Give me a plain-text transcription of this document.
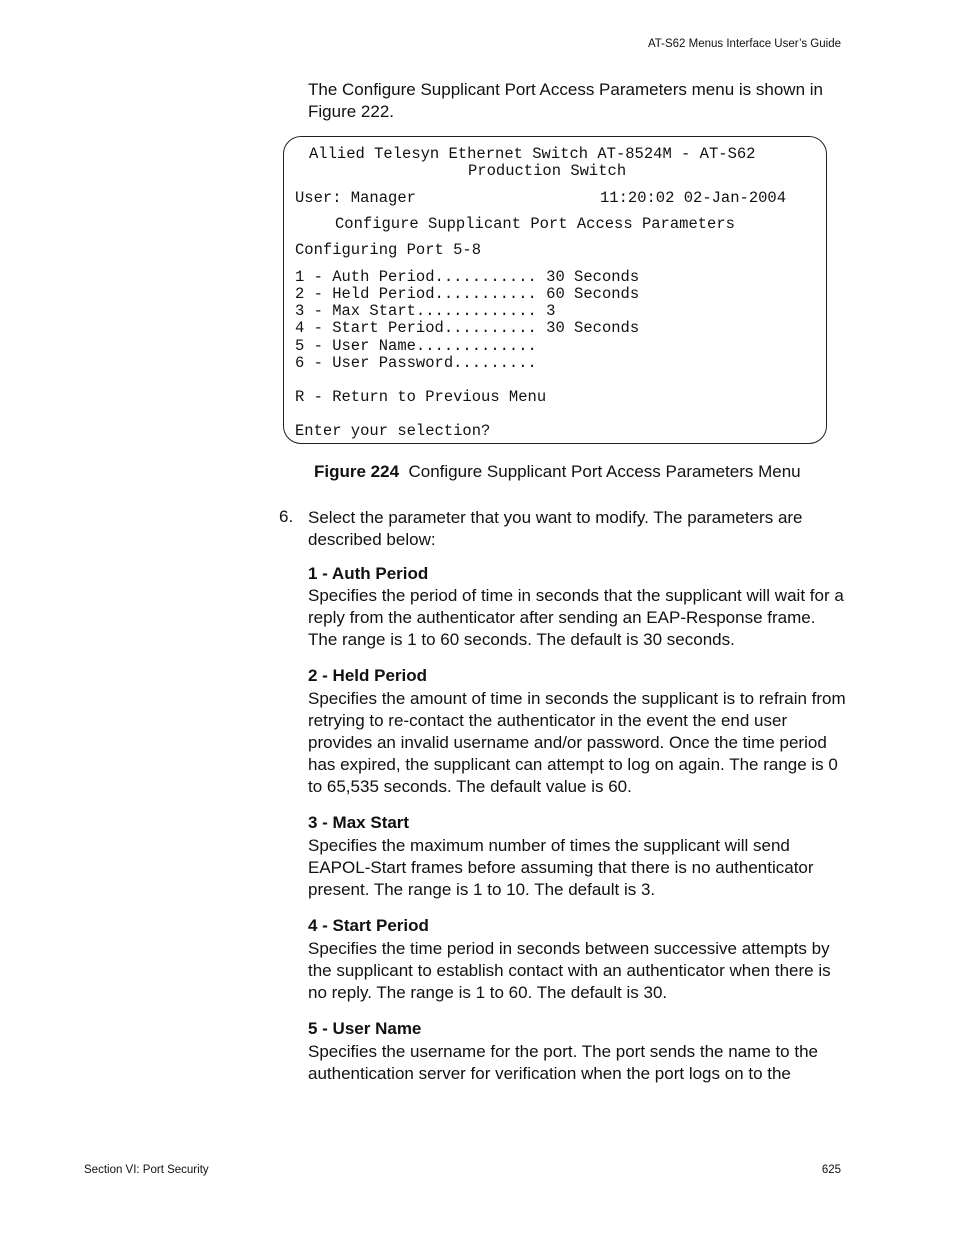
AT-S62 Menus Interface User’s Guide
The Configure Supplicant Port Access Parameters menu is shown in Figure 222.
Allied Telesyn Ethernet Switch AT-8524M - AT-S62
Production Switch
User: Manager	11:20:02 02-Jan-2004
Configure Supplicant Port Access Parameters
Configuring Port 5-8
1 - Auth Period........... 30 Seconds
2 - Held Period........... 60 Seconds
3 - Max Start............. 3
4 - Start Period.......... 30 Seconds
5 - User Name.............
6 - User Password.........
R - Return to Previous Menu
Enter your selection?
Figure 224 Configure Supplicant Port Access Parameters Menu
6. Select the parameter that you want to modify. The parameters are described below:
1 - Auth Period
Specifies the period of time in seconds that the supplicant will wait for a reply from the authenticator after sending an EAP-Response frame. The range is 1 to 60 seconds. The default is 30 seconds.
2 - Held Period
Specifies the amount of time in seconds the supplicant is to refrain from retrying to re-contact the authenticator in the event the end user provides an invalid username and/or password. Once the time period has expired, the supplicant can attempt to log on again. The range is 0 to 65,535 seconds. The default value is 60.
3 - Max Start
Specifies the maximum number of times the supplicant will send EAPOL-Start frames before assuming that there is no authenticator present. The range is 1 to 10. The default is 3.
4 - Start Period
Specifies the time period in seconds between successive attempts by the supplicant to establish contact with an authenticator when there is no reply. The range is 1 to 60. The default is 30.
5 - User Name
Specifies the username for the port. The port sends the name to the authentication server for verification when the port logs on to the
Section VI: Port Security	625
